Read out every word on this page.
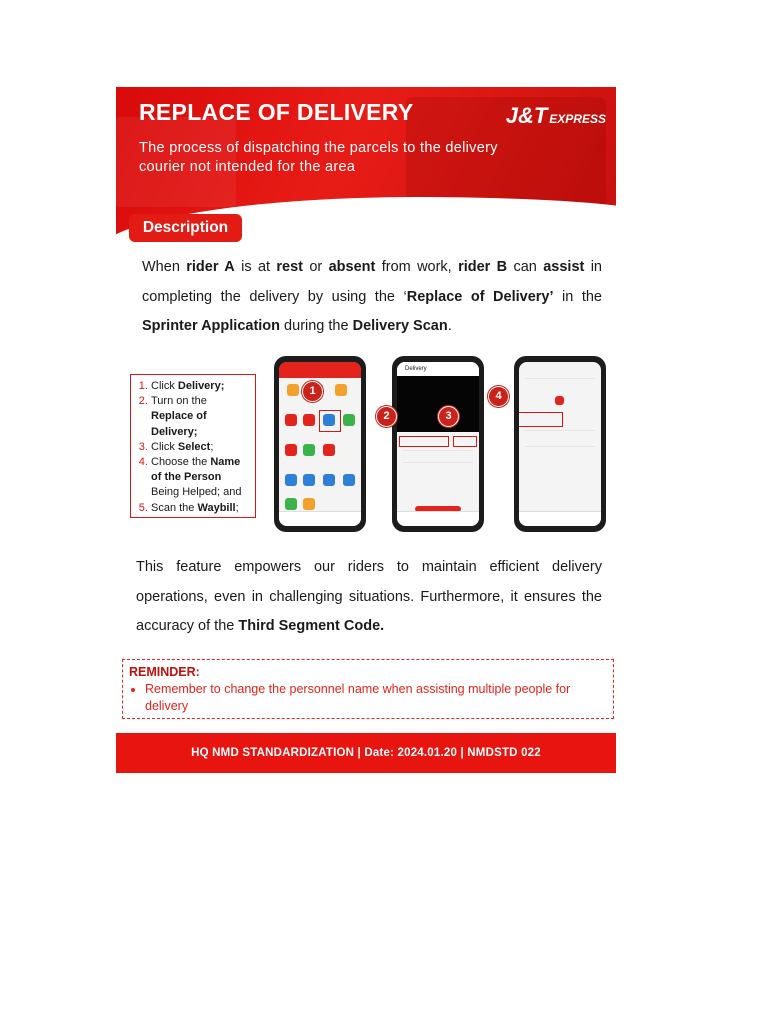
REPLACE OF DELIVERY
The process of dispatching the parcels to the delivery courier not intended for the area
J&T EXPRESS
Description
When rider A is at rest or absent from work, rider B can assist in completing the delivery by using the ‘Replace of Delivery’ in the Sprinter Application during the Delivery Scan.
1. Click Delivery;
2. Turn on the Replace of Delivery;
3. Click Select;
4. Choose the Name of the Person Being Helped; and
5. Scan the Waybill;
1
Delivery
2	3
4
This feature empowers our riders to maintain efficient delivery operations, even in challenging situations. Furthermore, it ensures the accuracy of the Third Segment Code.
REMINDER:
• Remember to change the personnel name when assisting multiple people for delivery
HQ NMD STANDARDIZATION | Date: 2024.01.20 | NMDSTD 022
